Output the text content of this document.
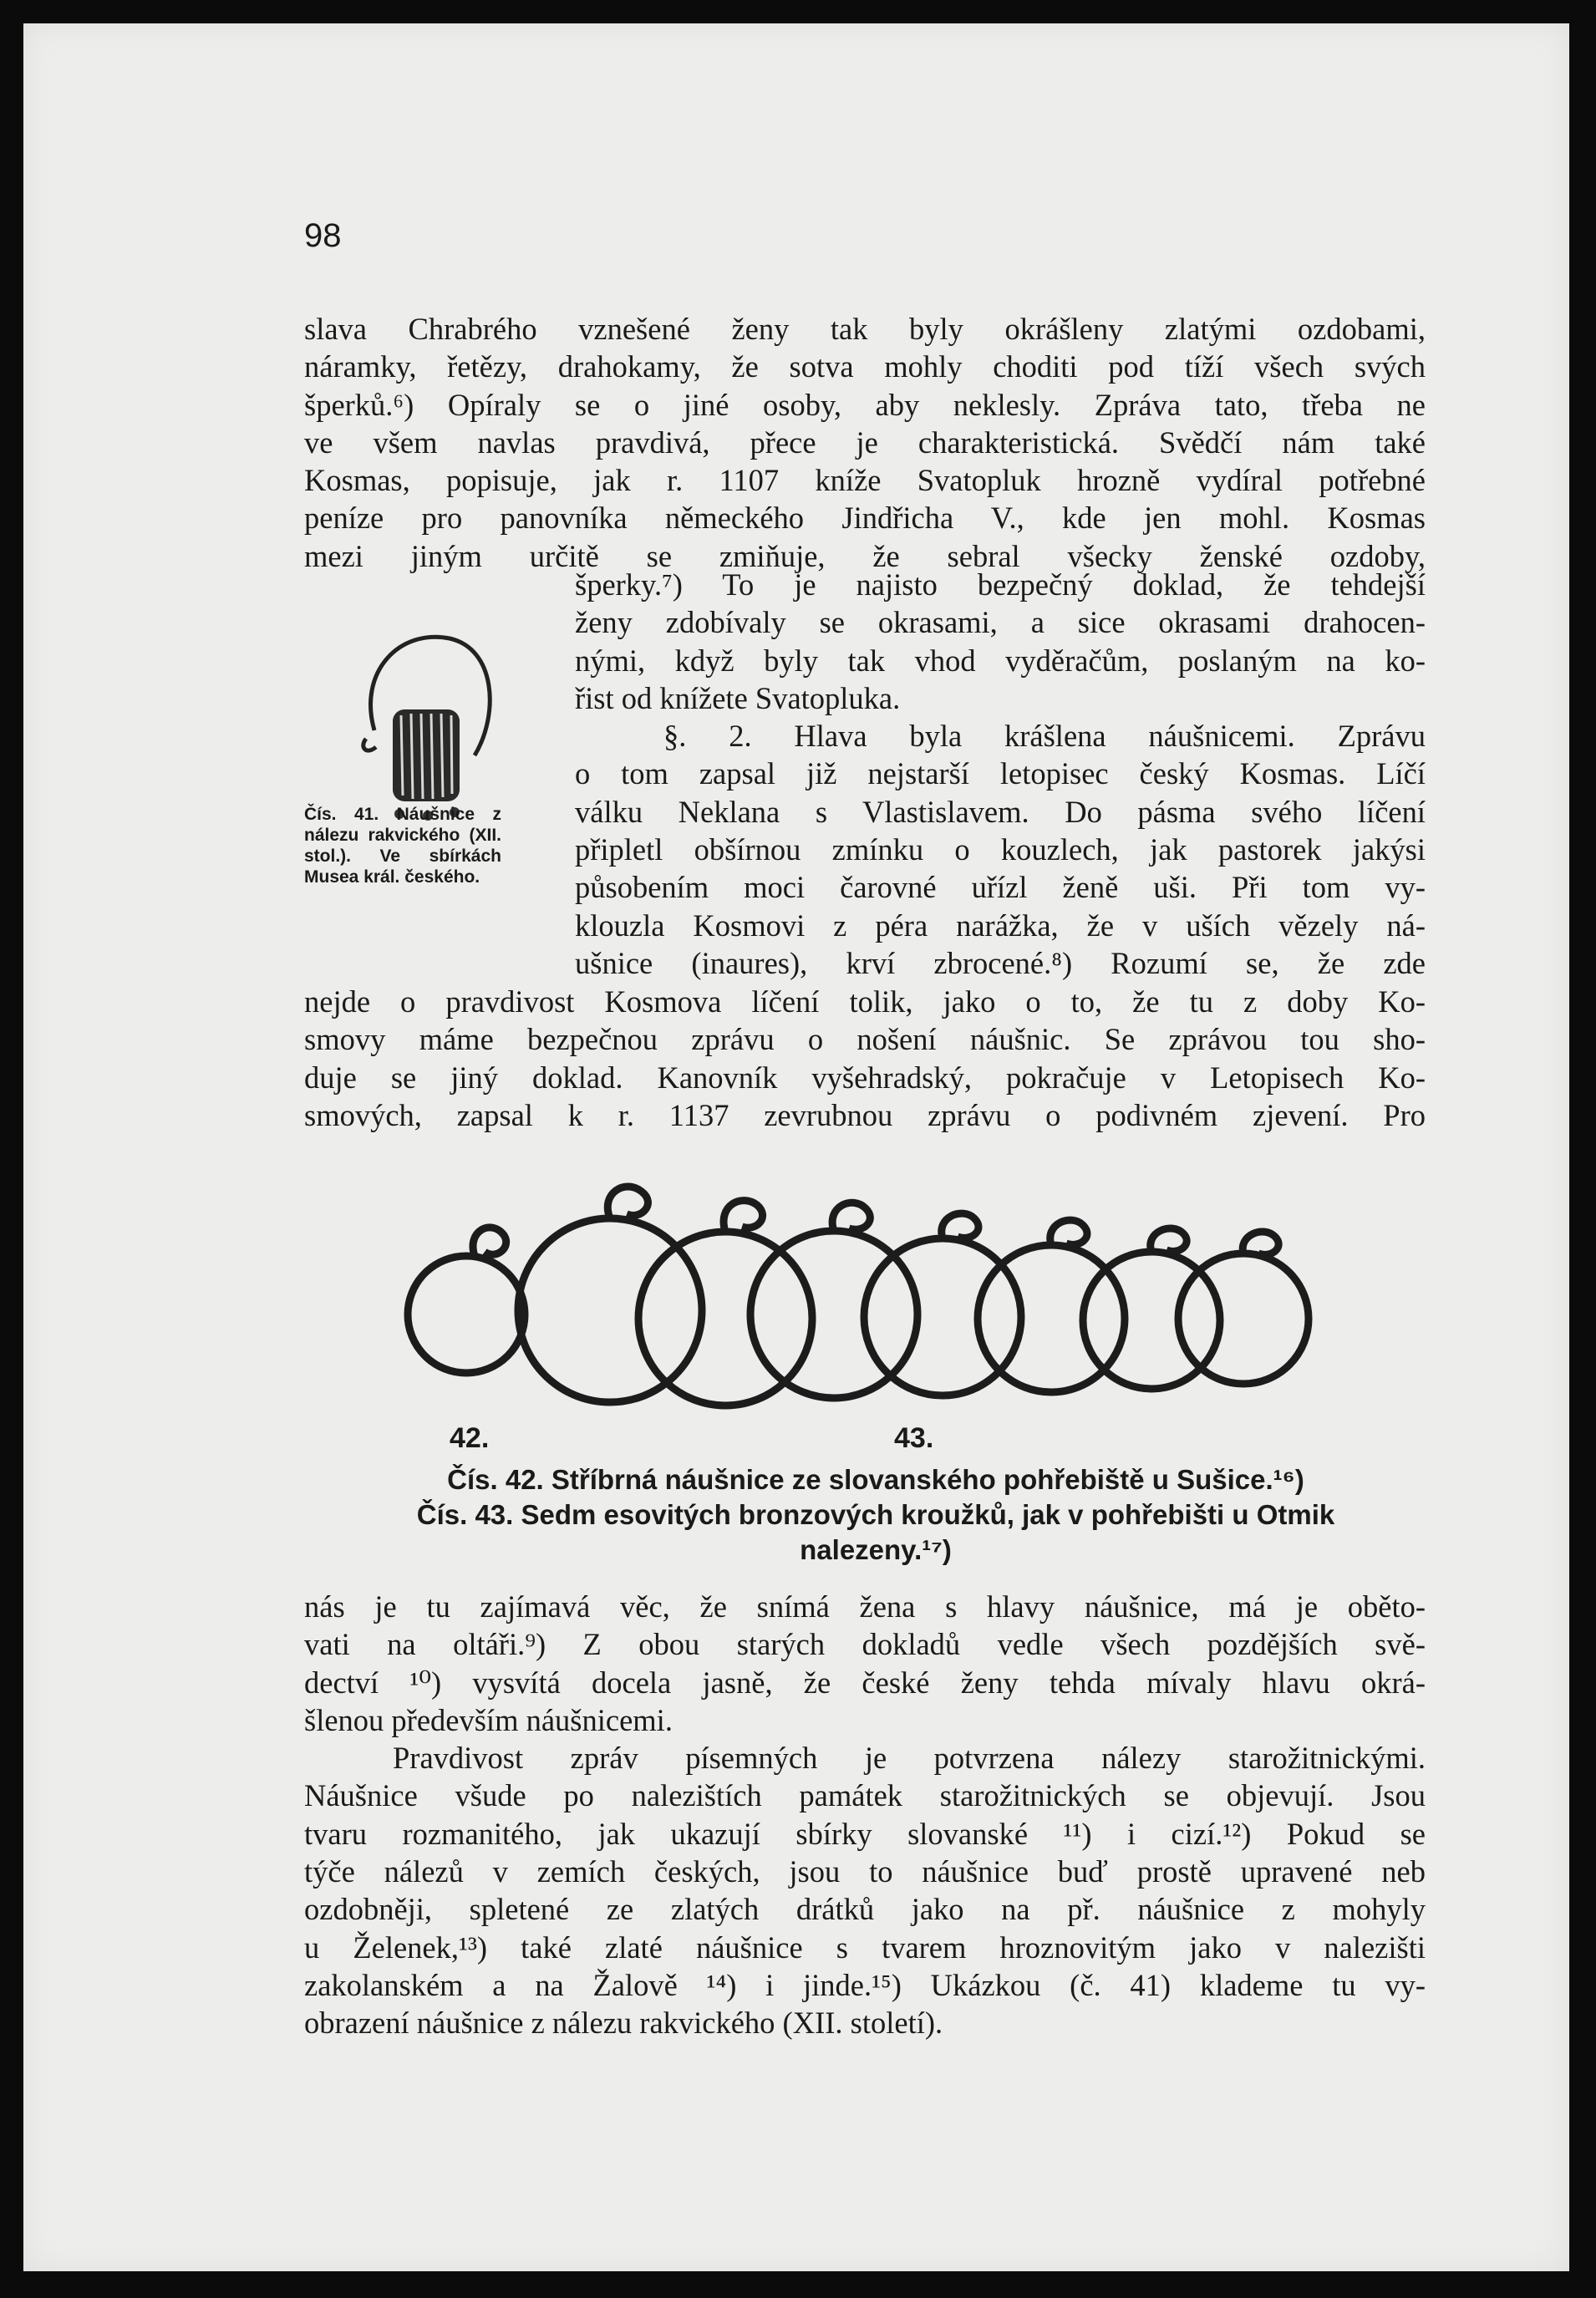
98
slava Chrabrého vznešené ženy tak byly okrášleny zlatými ozdobami,
náramky, řetězy, drahokamy, že sotva mohly choditi pod tíží všech svých
šperků.⁶) Opíraly se o jiné osoby, aby neklesly. Zpráva tato, třeba ne
ve všem navlas pravdivá, přece je charakteristická. Svědčí nám také
Kosmas, popisuje, jak r. 1107 kníže Svatopluk hrozně vydíral potřebné
peníze pro panovníka německého Jindřicha V., kde jen mohl. Kosmas
mezi jiným určitě se zmiňuje, že sebral všecky ženské ozdoby,
šperky.⁷) To je najisto bezpečný doklad, že tehdejší
ženy zdobívaly se okrasami, a sice okrasami drahocen-
nými, když byly tak vhod vyděračům, poslaným na ko-
řist od knížete Svatopluka.
§. 2. Hlava byla krášlena náušnicemi. Zprávu
o tom zapsal již nejstarší letopisec český Kosmas. Líčí
válku Neklana s Vlastislavem. Do pásma svého líčení
připletl obšírnou zmínku o kouzlech, jak pastorek jakýsi
působením moci čarovné uřízl ženě uši. Při tom vy-
klouzla Kosmovi z péra narážka, že v uších vězely ná-
ušnice (inaures), krví zbrocené.⁸) Rozumí se, že zde
Čís. 41. Náušnice z nálezu rakvického (XII. stol.). Ve sbírkách Musea král. českého.
nejde o pravdivost Kosmova líčení tolik, jako o to, že tu z doby Ko-
smovy máme bezpečnou zprávu o nošení náušnic. Se zprávou tou sho-
duje se jiný doklad. Kanovník vyšehradský, pokračuje v Letopisech Ko-
smových, zapsal k r. 1137 zevrubnou zprávu o podivném zjevení. Pro
42.	43.
Čís. 42. Stříbrná náušnice ze slovanského pohřebiště u Sušice.¹⁶)
Čís. 43. Sedm esovitých bronzových kroužků, jak v pohřebišti u Otmik
nalezeny.¹⁷)
nás je tu zajímavá věc, že snímá žena s hlavy náušnice, má je oběto-
vati na oltáři.⁹) Z obou starých dokladů vedle všech pozdějších svě-
dectví ¹⁰) vysvítá docela jasně, že české ženy tehda mívaly hlavu okrá-
šlenou především náušnicemi.
Pravdivost zpráv písemných je potvrzena nálezy starožitnickými.
Náušnice všude po nalezištích památek starožitnických se objevují. Jsou
tvaru rozmanitého, jak ukazují sbírky slovanské ¹¹) i cizí.¹²) Pokud se
týče nálezů v zemích českých, jsou to náušnice buď prostě upravené neb
ozdobněji, spletené ze zlatých drátků jako na př. náušnice z mohyly
u Želenek,¹³) také zlaté náušnice s tvarem hroznovitým jako v nalezišti
zakolanském a na Žalově ¹⁴) i jinde.¹⁵) Ukázkou (č. 41) klademe tu vy-
obrazení náušnice z nálezu rakvického (XII. století).
